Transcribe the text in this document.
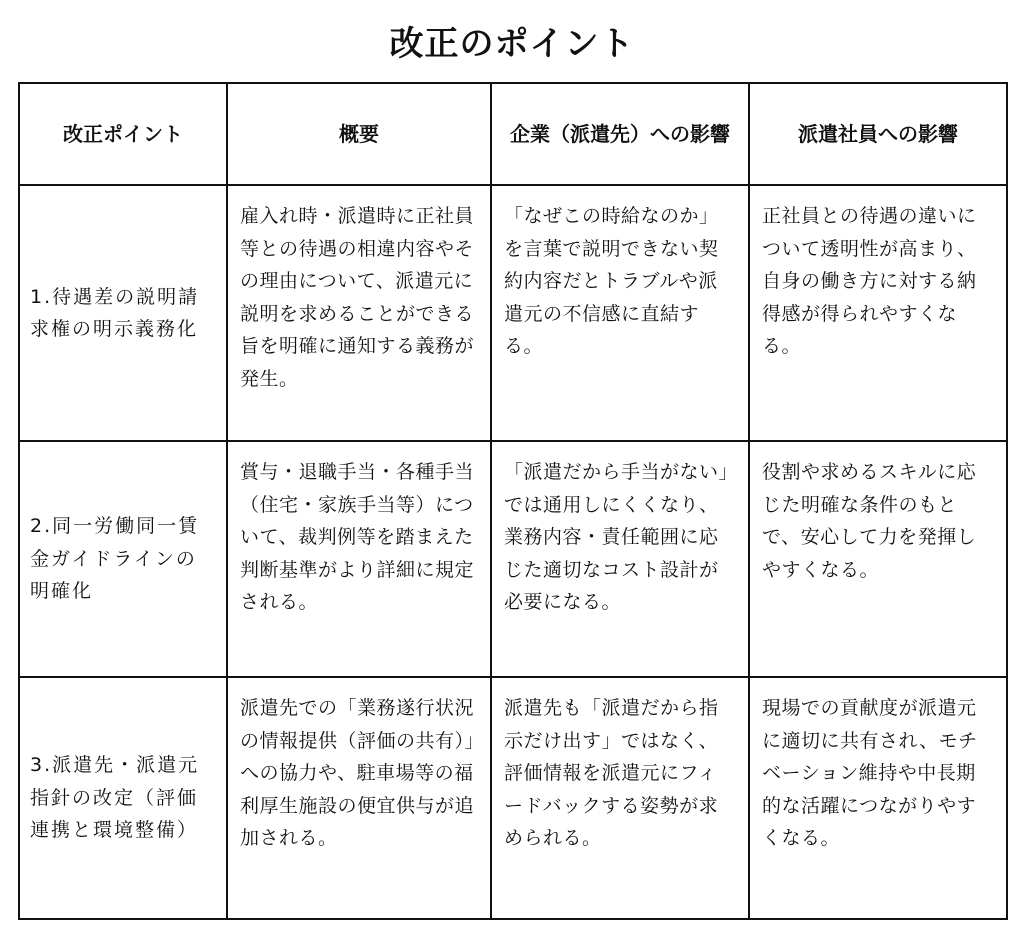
改正のポイント
改正ポイント	概要	企業（派遣先）への影響	派遣社員への影響
1.待遇差の説明請求権の明示義務化	雇入れ時・派遣時に正社員等との待遇の相違内容やその理由について、派遣元に説明を求めることができる旨を明確に通知する義務が発生。	「なぜこの時給なのか」を言葉で説明できない契約内容だとトラブルや派遣元の不信感に直結する。	正社員との待遇の違いについて透明性が高まり、自身の働き方に対する納得感が得られやすくなる。
2.同一労働同一賃金ガイドラインの明確化	賞与・退職手当・各種手当（住宅・家族手当等）について、裁判例等を踏まえた判断基準がより詳細に規定される。	「派遣だから手当がない」では通用しにくくなり、業務内容・責任範囲に応じた適切なコスト設計が必要になる。	役割や求めるスキルに応じた明確な条件のもとで、安心して力を発揮しやすくなる。
3.派遣先・派遣元指針の改定（評価連携と環境整備）	派遣先での「業務遂行状況の情報提供（評価の共有）」への協力や、駐車場等の福利厚生施設の便宜供与が追加される。	派遣先も「派遣だから指示だけ出す」ではなく、評価情報を派遣元にフィードバックする姿勢が求められる。	現場での貢献度が派遣元に適切に共有され、モチベーション維持や中長期的な活躍につながりやすくなる。
